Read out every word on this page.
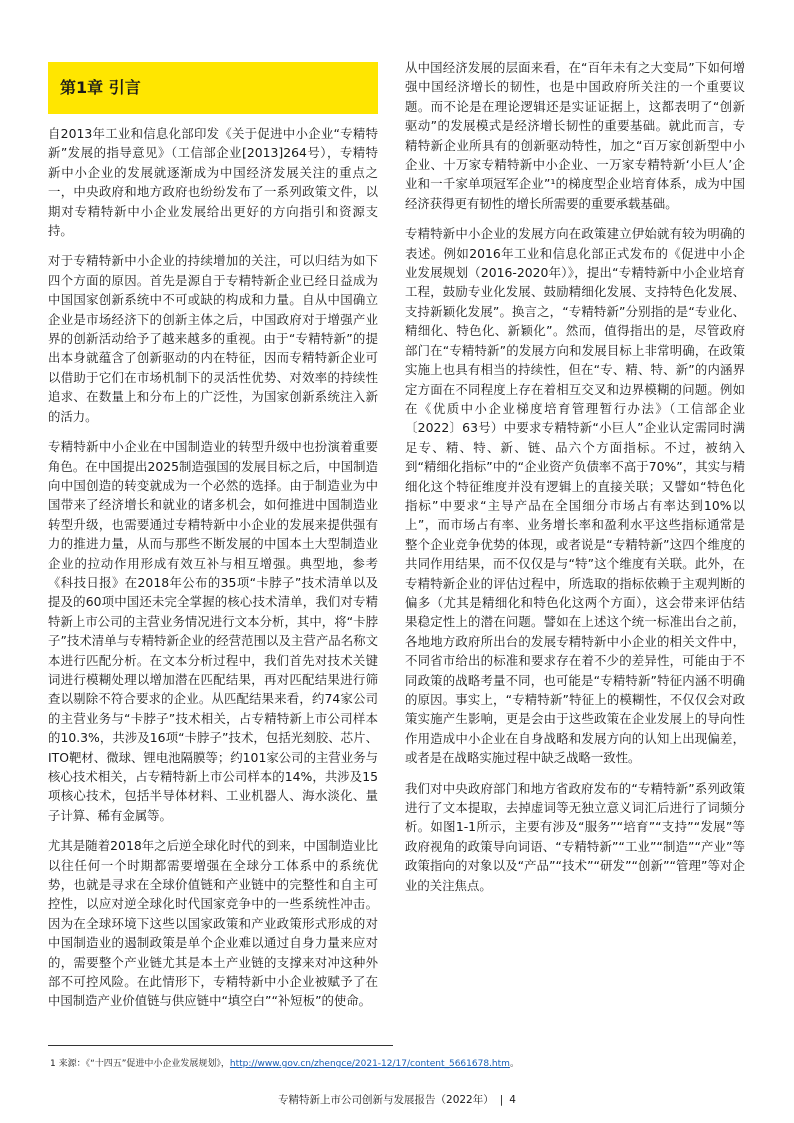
第1章 引言

自2013年工业和信息化部印发《关于促进中小企业“专精特新”发展的指导意见》（工信部企业[2013]264号），专精特新中小企业的发展就逐渐成为中国经济发展关注的重点之一，中央政府和地方政府也纷纷发布了一系列政策文件，以期对专精特新中小企业发展给出更好的方向指引和资源支持。

对于专精特新中小企业的持续增加的关注，可以归结为如下四个方面的原因。首先是源自于专精特新企业已经日益成为中国国家创新系统中不可或缺的构成和力量。自从中国确立企业是市场经济下的创新主体之后，中国政府对于增强产业界的创新活动给予了越来越多的重视。由于“专精特新”的提出本身就蕴含了创新驱动的内在特征，因而专精特新企业可以借助于它们在市场机制下的灵活性优势、对效率的持续性追求、在数量上和分布上的广泛性，为国家创新系统注入新的活力。

专精特新中小企业在中国制造业的转型升级中也扮演着重要角色。在中国提出2025制造强国的发展目标之后，中国制造向中国创造的转变就成为一个必然的选择。由于制造业为中国带来了经济增长和就业的诸多机会，如何推进中国制造业转型升级，也需要通过专精特新中小企业的发展来提供强有力的推进力量，从而与那些不断发展的中国本土大型制造业企业的拉动作用形成有效互补与相互增强。典型地，参考《科技日报》在2018年公布的35项“卡脖子”技术清单以及提及的60项中国还未完全掌握的核心技术清单，我们对专精特新上市公司的主营业务情况进行文本分析，其中，将“卡脖子”技术清单与专精特新企业的经营范围以及主营产品名称文本进行匹配分析。在文本分析过程中，我们首先对技术关键词进行模糊处理以增加潜在匹配结果，再对匹配结果进行筛查以剔除不符合要求的企业。从匹配结果来看，约74家公司的主营业务与“卡脖子”技术相关，占专精特新上市公司样本的10.3%，共涉及16项“卡脖子”技术，包括光刻胶、芯片、ITO靶材、微球、锂电池隔膜等；约101家公司的主营业务与核心技术相关，占专精特新上市公司样本的14%，共涉及15项核心技术，包括半导体材料、工业机器人、海水淡化、量子计算、稀有金属等。

尤其是随着2018年之后逆全球化时代的到来，中国制造业比以往任何一个时期都需要增强在全球分工体系中的系统优势，也就是寻求在全球价值链和产业链中的完整性和自主可控性，以应对逆全球化时代国家竞争中的一些系统性冲击。因为在全球环境下这些以国家政策和产业政策形式形成的对中国制造业的遏制政策是单个企业难以通过自身力量来应对的，需要整个产业链尤其是本土产业链的支撑来对冲这种外部不可控风险。在此情形下，专精特新中小企业被赋予了在中国制造产业价值链与供应链中“填空白”“补短板”的使命。

从中国经济发展的层面来看，在“百年未有之大变局”下如何增强中国经济增长的韧性，也是中国政府所关注的一个重要议题。而不论是在理论逻辑还是实证证据上，这都表明了“创新驱动”的发展模式是经济增长韧性的重要基础。就此而言，专精特新企业所具有的创新驱动特性，加之“百万家创新型中小企业、十万家专精特新中小企业、一万家专精特新‘小巨人’企业和一千家单项冠军企业”¹的梯度型企业培育体系，成为中国经济获得更有韧性的增长所需要的重要承载基础。

专精特新中小企业的发展方向在政策建立伊始就有较为明确的表述。例如2016年工业和信息化部正式发布的《促进中小企业发展规划（2016-2020年）》，提出“专精特新中小企业培育工程，鼓励专业化发展、鼓励精细化发展、支持特色化发展、支持新颖化发展”。换言之，“专精特新”分别指的是“专业化、精细化、特色化、新颖化”。然而，值得指出的是，尽管政府部门在“专精特新”的发展方向和发展目标上非常明确，在政策实施上也具有相当的持续性，但在“专、精、特、新”的内涵界定方面在不同程度上存在着相互交叉和边界模糊的问题。例如在《优质中小企业梯度培育管理暂行办法》（工信部企业〔2022〕63号）中要求专精特新“小巨人”企业认定需同时满足专、精、特、新、链、品六个方面指标。不过，被纳入到“精细化指标”中的“企业资产负债率不高于70%”，其实与精细化这个特征维度并没有逻辑上的直接关联；又譬如“特色化指标”中要求“主导产品在全国细分市场占有率达到10%以上”，而市场占有率、业务增长率和盈利水平这些指标通常是整个企业竞争优势的体现，或者说是“专精特新”这四个维度的共同作用结果，而不仅仅是与“特”这个维度有关联。此外，在专精特新企业的评估过程中，所选取的指标依赖于主观判断的偏多（尤其是精细化和特色化这两个方面），这会带来评估结果稳定性上的潜在问题。譬如在上述这个统一标准出台之前，各地地方政府所出台的发展专精特新中小企业的相关文件中，不同省市给出的标准和要求存在着不少的差异性，可能由于不同政策的战略考量不同，也可能是“专精特新”特征内涵不明确的原因。事实上，“专精特新”特征上的模糊性，不仅仅会对政策实施产生影响，更是会由于这些政策在企业发展上的导向性作用造成中小企业在自身战略和发展方向的认知上出现偏差，或者是在战略实施过程中缺乏战略一致性。

我们对中央政府部门和地方省政府发布的“专精特新”系列政策进行了文本提取，去掉虚词等无独立意义词汇后进行了词频分析。如图1-1所示，主要有涉及“服务”“培育”“支持”“发展”等政府视角的政策导向词语、“专精特新”“工业”“制造”“产业”等政策指向的对象以及“产品”“技术”“研发”“创新”“管理”等对企业的关注焦点。

1 来源：《“十四五”促进中小企业发展规划》，http://www.gov.cn/zhengce/2021-12/17/content_5661678.htm。
专精特新上市公司创新与发展报告（2022年） | 4
